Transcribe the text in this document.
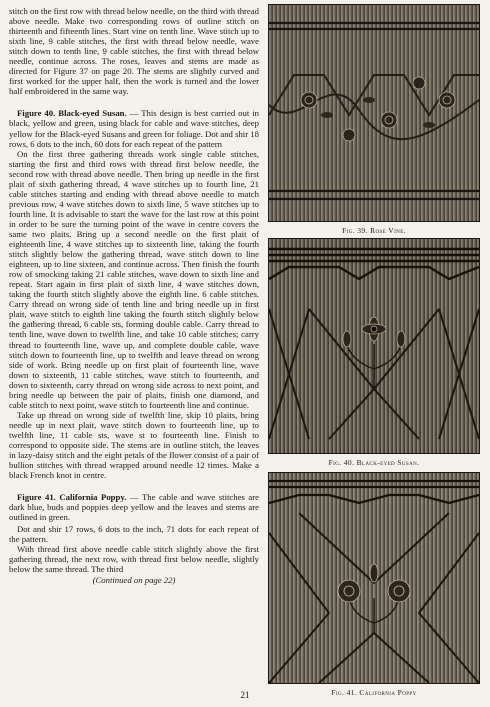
stitch on the first row with thread below needle, on the third with thread above needle. Make two corresponding rows of outline stitch on thirteenth and fifteenth lines. Start vine on tenth line. Wave stitch up to sixth line, 9 cable stitches, the first with thread below needle, wave stitch down to tenth line, 9 cable stitches, the first with thread below needle, continue across. The roses, leaves and stems are made as directed for Figure 37 on page 20. The stems are slightly curved and first worked for the upper half, then the work is turned and the lower half embroidered in the same way.

Figure 40. Black-eyed Susan. — This design is best carried out in black, yellow and green, using black for cable and wave stitches, deep yellow for the Black-eyed Susans and green for foliage. Dot and shir 18 rows, 6 dots to the inch, 60 dots for each repeat of the pattern

On the first three gathering threads work single cable stitches, starting the first and third rows with thread first below needle, the second row with thread above needle. Then bring up needle in the first plait of sixth gathering thread, 4 wave stitches up to fourth line, 21 cable stitches starting and ending with thread above needle to match previous row, 4 wave stitches down to sixth line, 5 wave stitches up to fourth line. It is advisable to start the wave for the last row at this point in order to be sure the turning point of the wave in centre covers the same two plaits. Bring up a second needle on the first plait of eighteenth line, 4 wave stitches up to sixteenth line, taking the fourth stitch slightly below the gathering thread, wave stitch down to line eighteen, up to line sixteen, and continue across. Then finish the fourth row of smocking taking 21 cable stitches, wave down to sixth line and repeat. Start again in first plait of sixth line, 4 wave stitches down, taking the fourth stitch slightly above the eighth line. 6 cable stitches. Carry thread on wrong side of tenth line and bring needle up in first plait, wave stitch to eighth line taking the fourth stitch slightly below the gathering thread, 6 cable sts, forming double cable. Carry thread to tenth line, wave down to twelfth line, and take 10 cable stitches; carry thread to fourteenth line, wave up, and complete double cable, wave stitch down to fourteenth line, up to twelfth and leave thread on wrong side of work. Bring needle up on first plait of fourteenth line, wave down to sixteenth, 11 cable stitches, wave stitch to fourteenth, and down to sixteenth, carry thread on wrong side across to next point, and bring needle up between the pair of plaits, finish one diamond, and cable stitch to next point, wave stitch to fourteenth line and continue.

Take up thread on wrong side of twelfth line, skip 10 plaits, bring needle up in next plait, wave stitch down to fourteenth line, up to twelfth line, 11 cable sts, wave st to fourteenth line. Finish to correspond to opposite side. The stems are in outline stitch, the leaves in lazy-daisy stitch and the eight petals of the flower consist of a pair of bullion stitches with thread wrapped around needle 12 times. Make a black French knot in centre.

Figure 41. California Poppy. — The cable and wave stitches are dark blue, buds and poppies deep yellow and the leaves and stems are outlined in green.

Dot and shir 17 rows, 6 dots to the inch, 71 dots for each repeat of the pattern.

With thread first above needle cable stitch slightly above the first gathering thread, the next row, with thread first below needle, slightly below the same thread. The third

(Continued on page 22)

Fig. 39. Rose Vine.
Fig. 40. Black-eyed Susan.
Fig. 41. California Poppy
21
